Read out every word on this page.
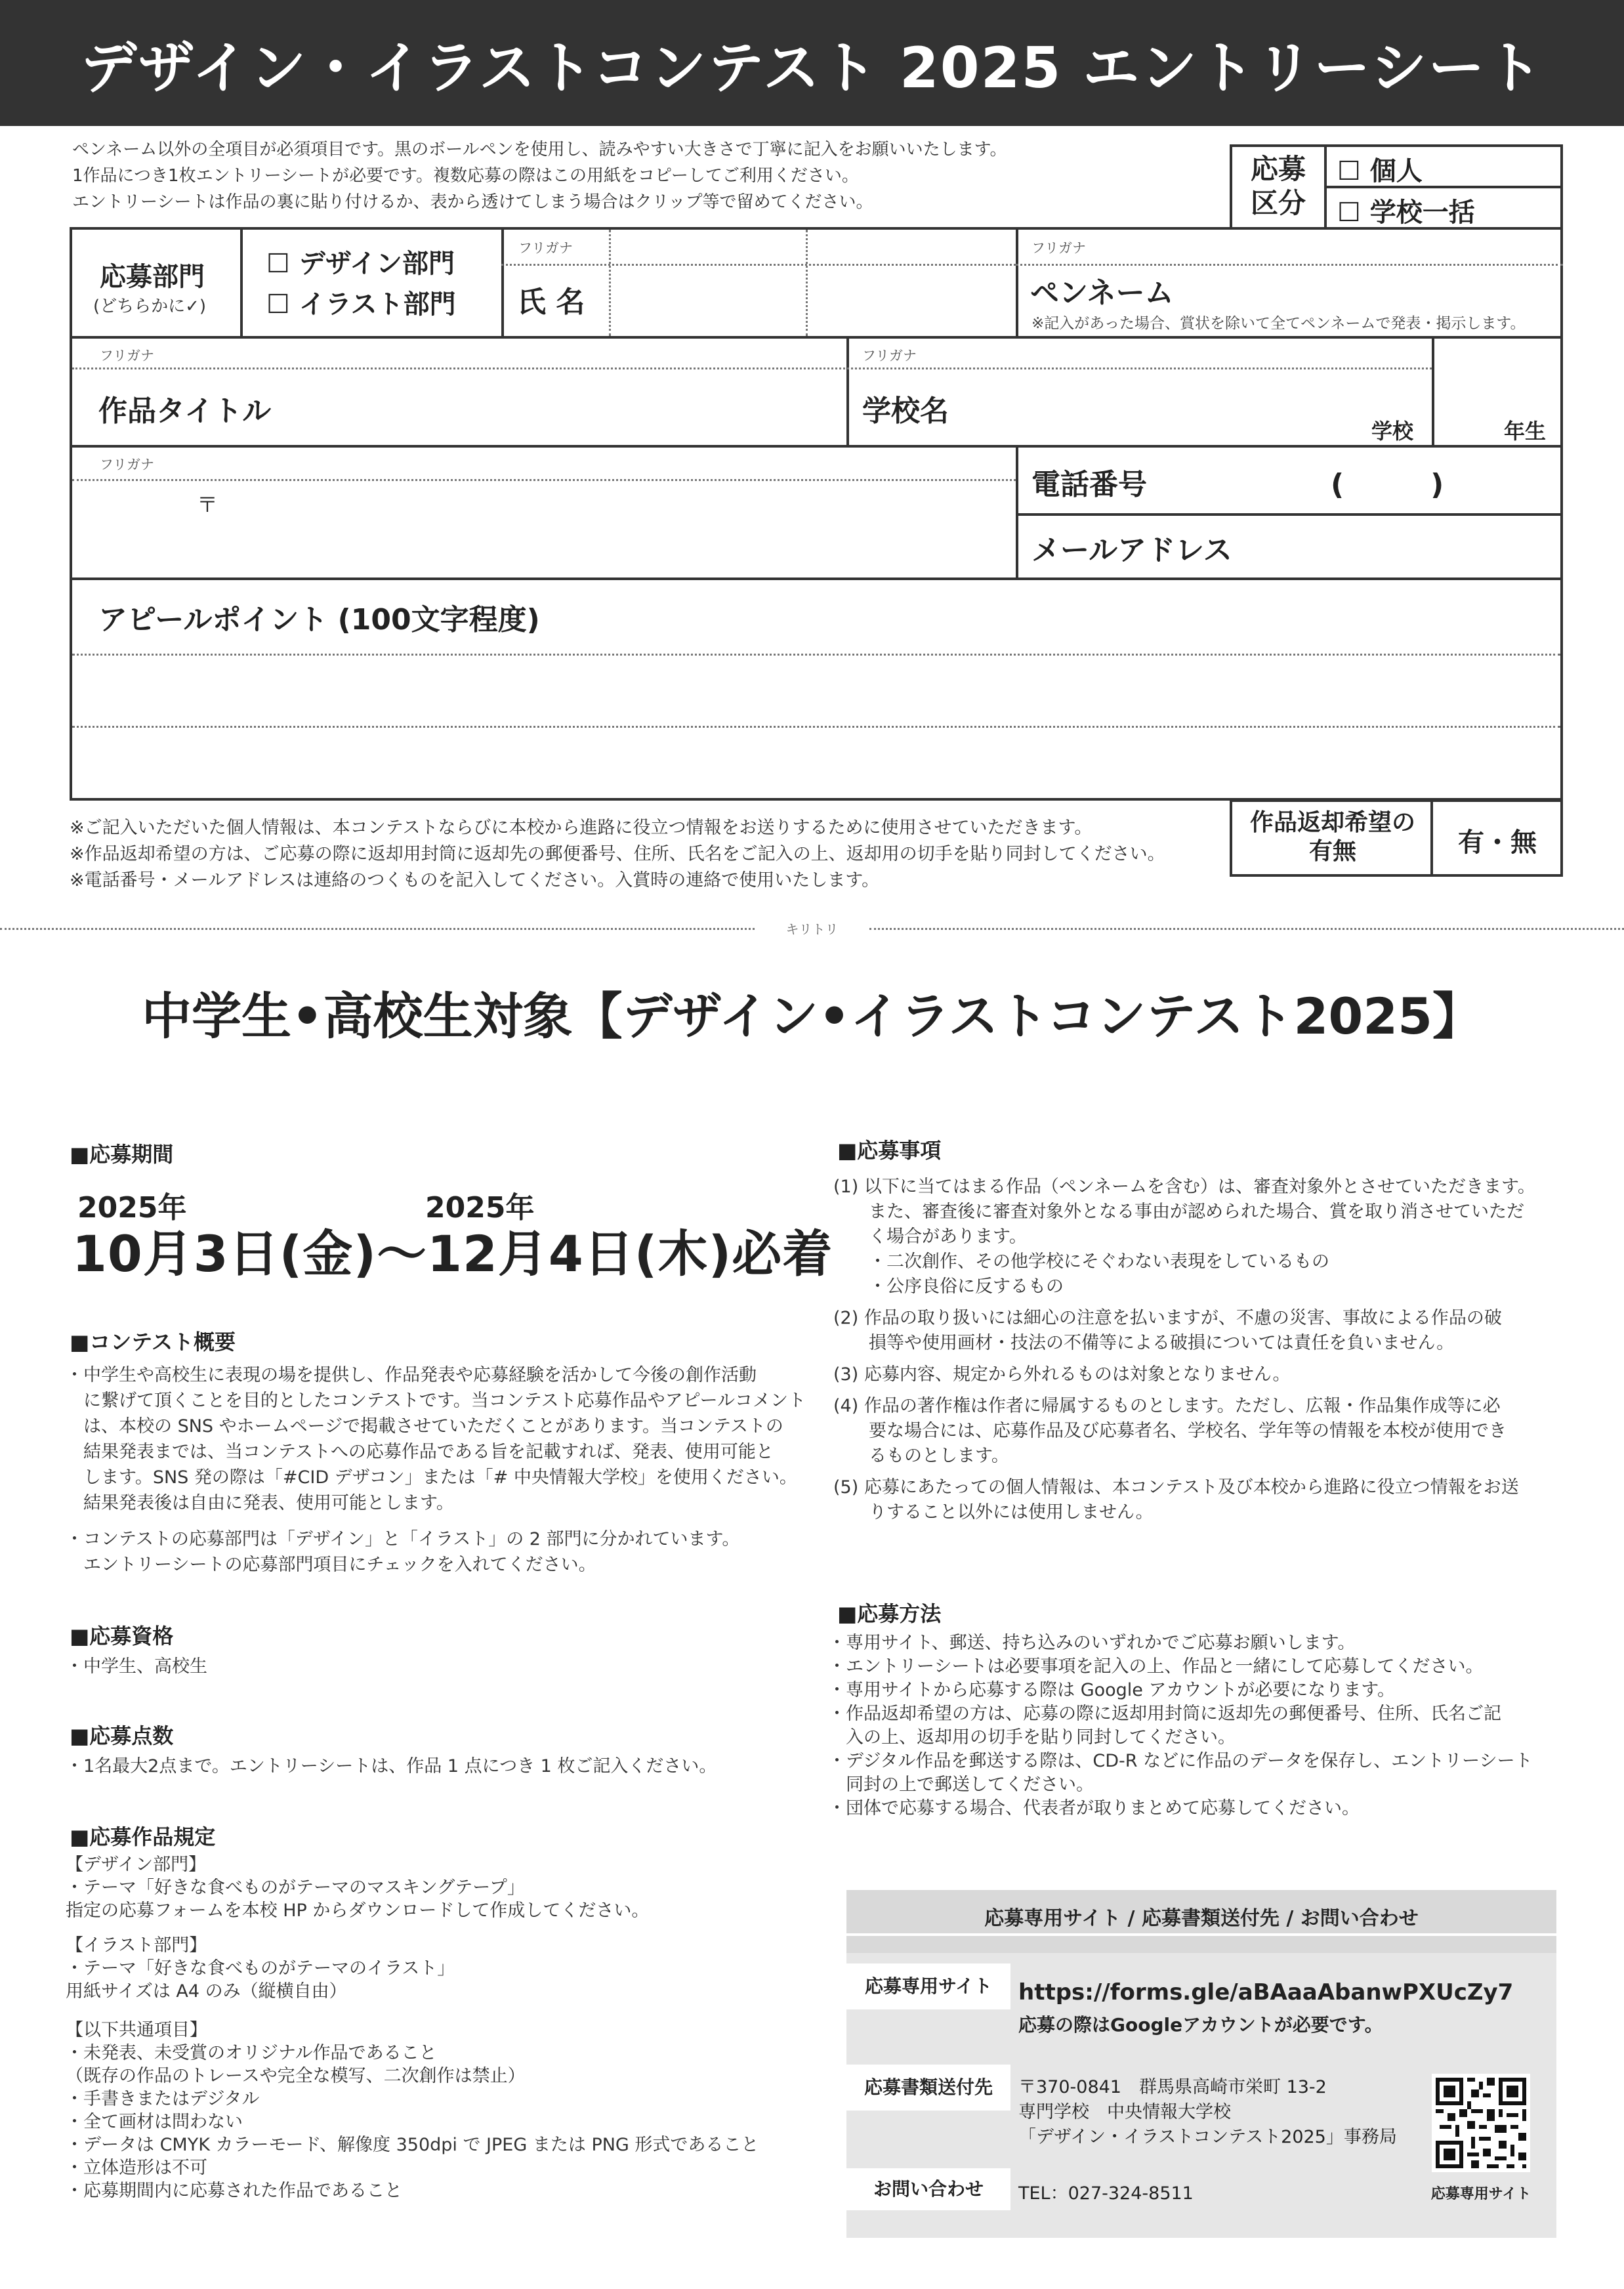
デザイン・イラストコンテスト 2025 エントリーシート
ペンネーム以外の全項目が必須項目です。黒のボールペンを使用し、読みやすい大きさで丁寧に記入をお願いいたします。
1作品につき1枚エントリーシートが必要です。複数応募の際はこの用紙をコピーしてご利用ください。
エントリーシートは作品の裏に貼り付けるか、表から透けてしまう場合はクリップ等で留めてください。
応募
区分
☐ 個人
☐ 学校一括
応募部門
(どちらかに✓)
☐ デザイン部門
☐ イラスト部門
フリガナ
氏 名
フリガナ
ペンネーム
※記入があった場合、賞状を除いて全てペンネームで発表・掲示します。
フリガナ
作品タイトル
フリガナ
学校名
学校	年生
フリガナ
〒
電話番号	(　　　)
メールアドレス
アピールポイント (100文字程度)
※ご記入いただいた個人情報は、本コンテストならびに本校から進路に役立つ情報をお送りするために使用させていただきます。
※作品返却希望の方は、ご応募の際に返却用封筒に返却先の郵便番号、住所、氏名をご記入の上、返却用の切手を貼り同封してください。
※電話番号・メールアドレスは連絡のつくものを記入してください。入賞時の連絡で使用いたします。
作品返却希望の
有無	有・無
キリトリ
中学生•高校生対象【デザイン•イラストコンテスト2025】
■応募期間
2025年	2025年
10月3日(金)〜12月4日(木)必着
■コンテスト概要
・中学生や高校生に表現の場を提供し、作品発表や応募経験を活かして今後の創作活動
　に繋げて頂くことを目的としたコンテストです。当コンテスト応募作品やアピールコメント
　は、本校の SNS やホームページで掲載させていただくことがあります。当コンテストの
　結果発表までは、当コンテストへの応募作品である旨を記載すれば、発表、使用可能と
　します。SNS 発の際は「#CID デザコン」または「# 中央情報大学校」を使用ください。
　結果発表後は自由に発表、使用可能とします。
・コンテストの応募部門は「デザイン」と「イラスト」の 2 部門に分かれています。
　エントリーシートの応募部門項目にチェックを入れてください。
■応募資格
・中学生、高校生
■応募点数
・1名最大2点まで。エントリーシートは、作品 1 点につき 1 枚ご記入ください。
■応募作品規定
【デザイン部門】
・テーマ「好きな食べものがテーマのマスキングテープ」
指定の応募フォームを本校 HP からダウンロードして作成してください。
【イラスト部門】
・テーマ「好きな食べものがテーマのイラスト」
用紙サイズは A4 のみ（縦横自由）
【以下共通項目】
・未発表、未受賞のオリジナル作品であること
（既存の作品のトレースや完全な模写、二次創作は禁止）
・手書きまたはデジタル
・全て画材は問わない
・データは CMYK カラーモード、解像度 350dpi で JPEG または PNG 形式であること
・立体造形は不可
・応募期間内に応募された作品であること
■応募事項
(1) 以下に当てはまる作品（ペンネームを含む）は、審査対象外とさせていただきます。
　　また、審査後に審査対象外となる事由が認められた場合、賞を取り消させていただ
　　く場合があります。
　　・二次創作、その他学校にそぐわない表現をしているもの
　　・公序良俗に反するもの
(2) 作品の取り扱いには細心の注意を払いますが、不慮の災害、事故による作品の破
　　損等や使用画材・技法の不備等による破損については責任を負いません。
(3) 応募内容、規定から外れるものは対象となりません。
(4) 作品の著作権は作者に帰属するものとします。ただし、広報・作品集作成等に必
　　要な場合には、応募作品及び応募者名、学校名、学年等の情報を本校が使用でき
　　るものとします。
(5) 応募にあたっての個人情報は、本コンテスト及び本校から進路に役立つ情報をお送
　　りすること以外には使用しません。
■応募方法
・専用サイト、郵送、持ち込みのいずれかでご応募お願いします。
・エントリーシートは必要事項を記入の上、作品と一緒にして応募してください。
・専用サイトから応募する際は Google アカウントが必要になります。
・作品返却希望の方は、応募の際に返却用封筒に返却先の郵便番号、住所、氏名ご記
　入の上、返却用の切手を貼り同封してください。
・デジタル作品を郵送する際は、CD-R などに作品のデータを保存し、エントリーシート
　同封の上で郵送してください。
・団体で応募する場合、代表者が取りまとめて応募してください。
応募専用サイト / 応募書類送付先 / お問い合わせ
応募専用サイト	https://forms.gle/aBAaaAbanwPXUcZy7
応募の際はGoogleアカウントが必要です。
応募書類送付先	〒370-0841　群馬県高崎市栄町 13-2
専門学校　中央情報大学校
「デザイン・イラストコンテスト2025」事務局
お問い合わせ	TEL：027-324-8511	応募専用サイト
